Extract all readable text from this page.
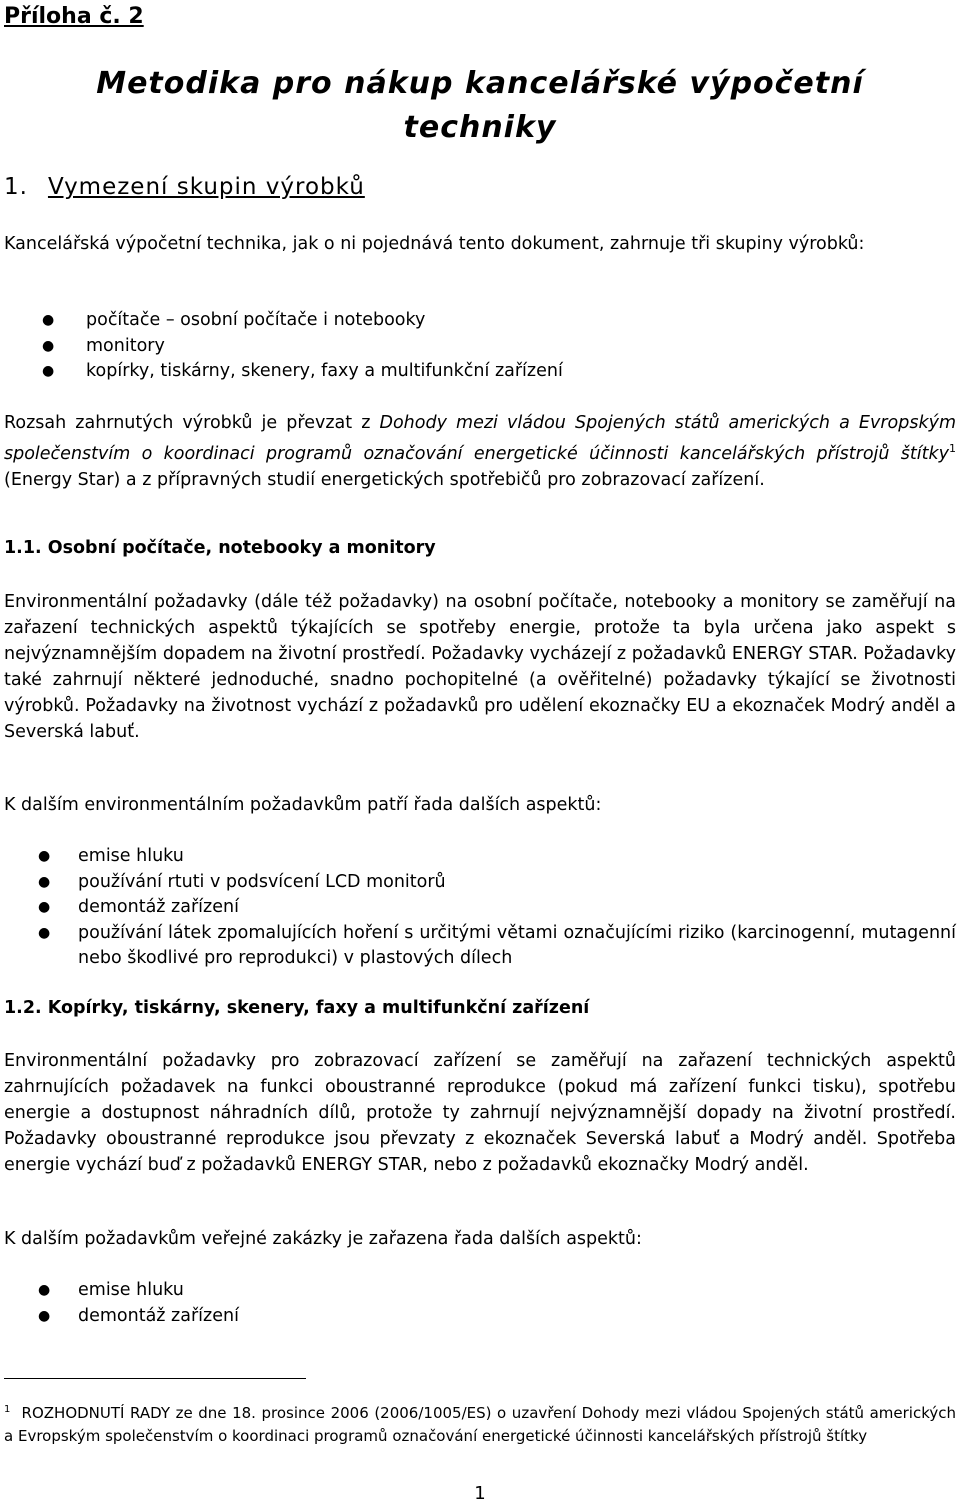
Příloha č. 2
Metodika pro nákup kancelářské výpočetní
techniky
1. Vymezení skupin výrobků
Kancelářská výpočetní technika, jak o ni pojednává tento dokument, zahrnuje tři skupiny výrobků:
● počítače – osobní počítače i notebooky
● monitory
● kopírky, tiskárny, skenery, faxy a multifunkční zařízení
Rozsah zahrnutých výrobků je převzat z Dohody mezi vládou Spojených států amerických a Evropským společenstvím o koordinaci programů označování energetické účinnosti kancelářských přístrojů štítky$^1$ (Energy Star) a z přípravných studií energetických spotřebičů pro zobrazovací zařízení.
1.1. Osobní počítače, notebooky a monitory
Environmentální požadavky (dále též požadavky) na osobní počítače, notebooky a monitory se zaměřují na zařazení technických aspektů týkajících se spotřeby energie, protože ta byla určena jako aspekt s nejvýznamnějším dopadem na životní prostředí. Požadavky vycházejí z požadavků ENERGY STAR. Požadavky také zahrnují některé jednoduché, snadno pochopitelné (a ověřitelné) požadavky týkající se životnosti výrobků. Požadavky na životnost vychází z požadavků pro udělení ekoznačky EU a ekoznaček Modrý anděl a Severská labuť.
K dalším environmentálním požadavkům patří řada dalších aspektů:
● emise hluku
● používání rtuti v podsvícení LCD monitorů
● demontáž zařízení
● používání látek zpomalujících hoření s určitými větami označujícími riziko (karcinogenní, mutagenní nebo škodlivé pro reprodukci) v plastových dílech
1.2. Kopírky, tiskárny, skenery, faxy a multifunkční zařízení
Environmentální požadavky pro zobrazovací zařízení se zaměřují na zařazení technických aspektů zahrnujících požadavek na funkci oboustranné reprodukce (pokud má zařízení funkci tisku), spotřebu energie a dostupnost náhradních dílů, protože ty zahrnují nejvýznamnější dopady na životní prostředí. Požadavky oboustranné reprodukce jsou převzaty z ekoznaček Severská labuť a Modrý anděl. Spotřeba energie vychází buď z požadavků ENERGY STAR, nebo z požadavků ekoznačky Modrý anděl.
K dalším požadavkům veřejné zakázky je zařazena řada dalších aspektů:
● emise hluku
● demontáž zařízení
$^1$ ROZHODNUTÍ RADY ze dne 18. prosince 2006 (2006/1005/ES) o uzavření Dohody mezi vládou Spojených států amerických a Evropským společenstvím o koordinaci programů označování energetické účinnosti kancelářských přístrojů štítky
1
